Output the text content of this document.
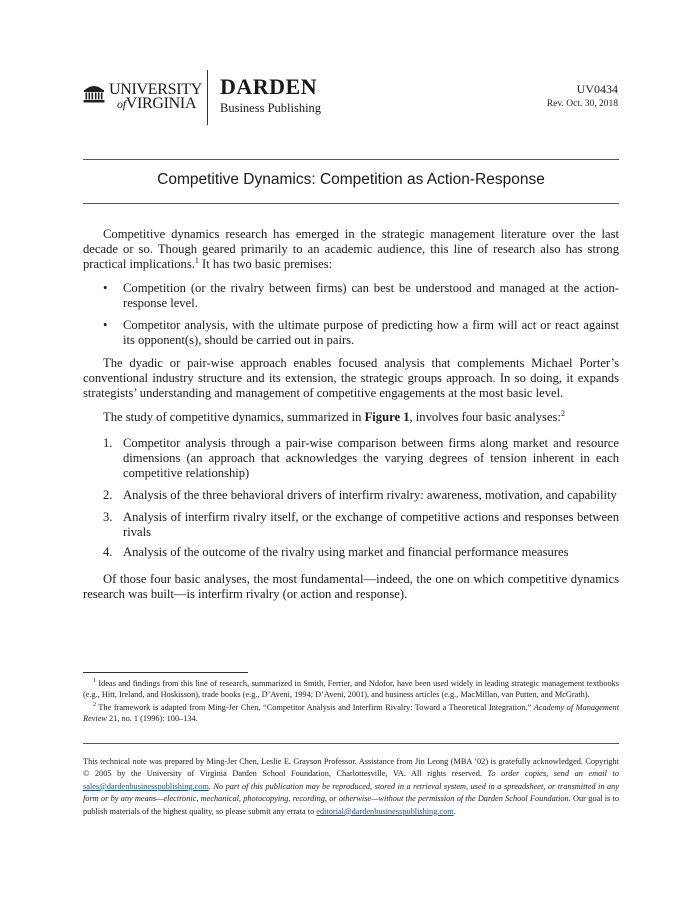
UNIVERSITY
ofVIRGINIA
DARDEN
Business Publishing
UV0434
Rev. Oct. 30, 2018
Competitive Dynamics: Competition as Action-Response

Competitive dynamics research has emerged in the strategic management literature over the last decade or so. Though geared primarily to an academic audience, this line of research also has strong practical implications.$^1$ It has two basic premises:

• Competition (or the rivalry between firms) can best be understood and managed at the action-response level.
• Competitor analysis, with the ultimate purpose of predicting how a firm will act or react against its opponent(s), should be carried out in pairs.

The dyadic or pair-wise approach enables focused analysis that complements Michael Porter’s conventional industry structure and its extension, the strategic groups approach. In so doing, it expands strategists’ understanding and management of competitive engagements at the most basic level.

The study of competitive dynamics, summarized in Figure 1, involves four basic analyses:$^2$

1. Competitor analysis through a pair-wise comparison between firms along market and resource dimensions (an approach that acknowledges the varying degrees of tension inherent in each competitive relationship)
2. Analysis of the three behavioral drivers of interfirm rivalry: awareness, motivation, and capability
3. Analysis of interfirm rivalry itself, or the exchange of competitive actions and responses between rivals
4. Analysis of the outcome of the rivalry using market and financial performance measures

Of those four basic analyses, the most fundamental—indeed, the one on which competitive dynamics research was built—is interfirm rivalry (or action and response).

$^1$ Ideas and findings from this line of research, summarized in Smith, Ferrier, and Ndofor, have been used widely in leading strategic management textbooks (e.g., Hitt, Ireland, and Hoskisson), trade books (e.g., D’Aveni, 1994; D’Aveni, 2001), and business articles (e.g., MacMillan, van Putten, and McGrath).

$^2$ The framework is adapted from Ming-Jer Chen, “Competitor Analysis and Interfirm Rivalry: Toward a Theoretical Integration,” Academy of Management Review 21, no. 1 (1996): 100–134.

This technical note was prepared by Ming-Jer Chen, Leslie E. Grayson Professor. Assistance from Jin Leong (MBA ’02) is gratefully acknowledged. Copyright © 2005 by the University of Virginia Darden School Foundation, Charlottesville, VA. All rights reserved. To order copies, send an email to sales@dardenbusinesspublishing.com. No part of this publication may be reproduced, stored in a retrieval system, used in a spreadsheet, or transmitted in any form or by any means—electronic, mechanical, photocopying, recording, or otherwise—without the permission of the Darden School Foundation. Our goal is to publish materials of the highest quality, so please submit any errata to editorial@dardenbusinesspublishing.com.
